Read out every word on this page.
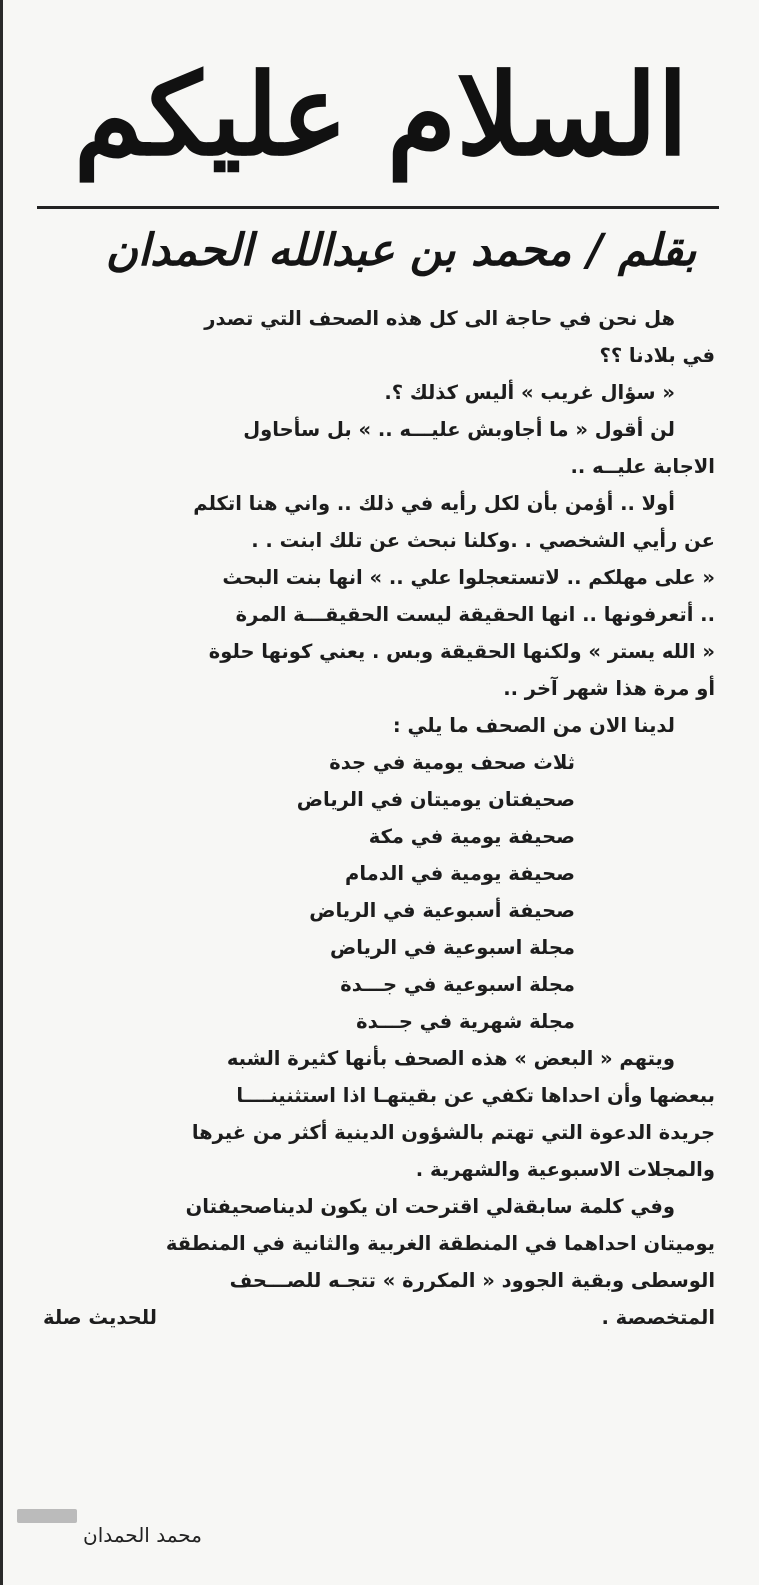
السلام عليكم
بقلم / محمد بن عبدالله الحمدان

هل نحن في حاجة الى كل هذه الصحف التي تصدر

في بلادنا ؟؟

« سؤال غريب » أليس كذلك ؟.

لن أقول « ما أجاوبش عليـــه .. » بل سأحاول

الاجابة عليــه ..

أولا .. أؤمن بأن لكل رأيه في ذلك .. واني هنا اتكلم

عن رأيي الشخصي . .وكلنا نبحث عن تلك ابنت . .

« على مهلكم .. لاتستعجلوا علي .. » انها بنت البحث

.. أتعرفونها .. انها الحقيقة ليست الحقيقـــة المرة

« الله يستر » ولكنها الحقيقة وبس . يعني كونها حلوة

أو مرة هذا شهر آخر ..

لدينا الان من الصحف ما يلي :

ثلاث صحف يومية في جدة

صحيفتان يوميتان في الرياض

صحيفة يومية في مكة

صحيفة يومية في الدمام

صحيفة أسبوعية في الرياض

مجلة اسبوعية في الرياض

مجلة اسبوعية في جـــدة

مجلة شهرية في جـــدة

ويتهم « البعض » هذه الصحف بأنها كثيرة الشبه

ببعضها وأن احداها تكفي عن بقيتهـا اذا استثنينــــا

جريدة الدعوة التي تهتم بالشؤون الدينية أكثر من غيرها

والمجلات الاسبوعية والشهرية .

وفي كلمة سابقةلي اقترحت ان يكون لديناصحيفتان

يوميتان احداهما في المنطقة الغربية والثانية في المنطقة

الوسطى وبقية الجوود « المكررة » تتجـه للصـــحف

المتخصصة .
للحديث صلة
محمد الحمدان
